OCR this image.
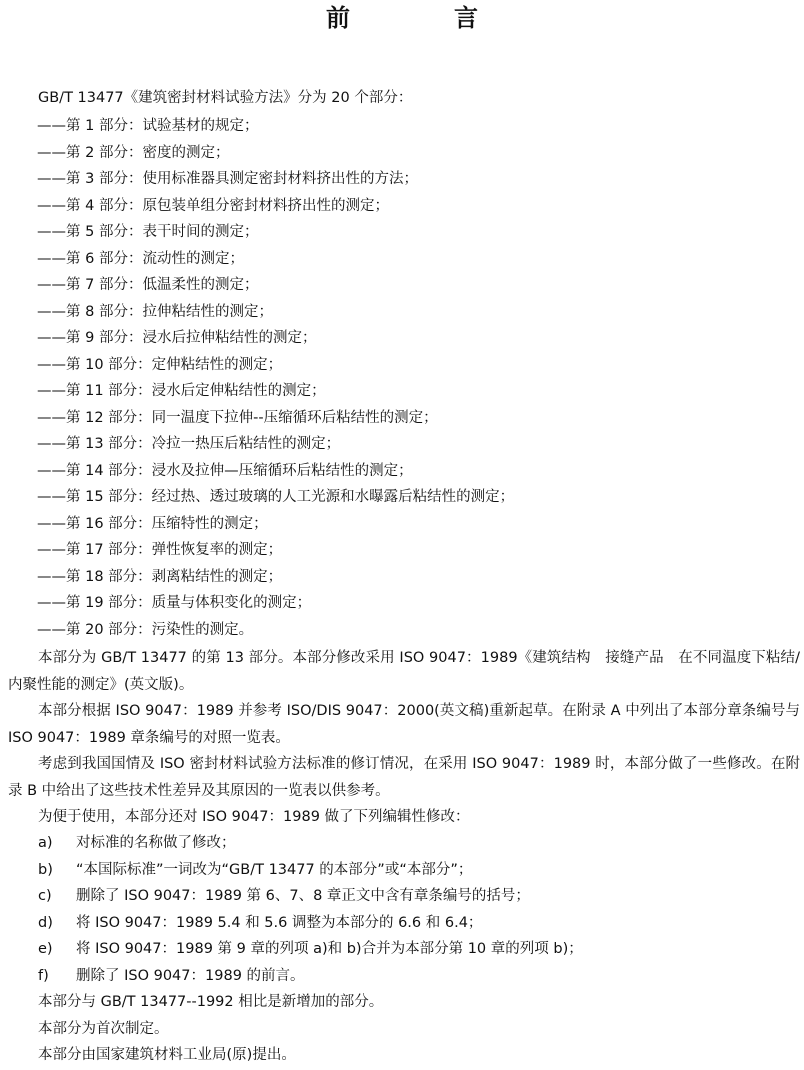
前　言
GB/T 13477《建筑密封材料试验方法》分为 20 个部分：
——第 1 部分：试验基材的规定；
——第 2 部分：密度的测定；
——第 3 部分：使用标准器具测定密封材料挤出性的方法；
——第 4 部分：原包装单组分密封材料挤出性的测定；
——第 5 部分：表干时间的测定；
——第 6 部分：流动性的测定；
——第 7 部分：低温柔性的测定；
——第 8 部分：拉伸粘结性的测定；
——第 9 部分：浸水后拉伸粘结性的测定；
——第 10 部分：定伸粘结性的测定；
——第 11 部分：浸水后定伸粘结性的测定；
——第 12 部分：同一温度下拉伸--压缩循环后粘结性的测定；
——第 13 部分：冷拉一热压后粘结性的测定；
——第 14 部分：浸水及拉伸—压缩循环后粘结性的测定；
——第 15 部分：经过热、透过玻璃的人工光源和水曝露后粘结性的测定；
——第 16 部分：压缩特性的测定；
——第 17 部分：弹性恢复率的测定；
——第 18 部分：剥离粘结性的测定；
——第 19 部分：质量与体积变化的测定；
——第 20 部分：污染性的测定。

本部分为 GB/T 13477 的第 13 部分。本部分修改采用 ISO 9047：1989《建筑结构　接缝产品　在不同温度下粘结/内聚性能的测定》(英文版)。

本部分根据 ISO 9047：1989 并参考 ISO/DIS 9047：2000(英文稿)重新起草。在附录 A 中列出了本部分章条编号与 ISO 9047：1989 章条编号的对照一览表。

考虑到我国国情及 ISO 密封材料试验方法标准的修订情况，在采用 ISO 9047：1989 时，本部分做了一些修改。在附录 B 中给出了这些技术性差异及其原因的一览表以供参考。

为便于使用，本部分还对 ISO 9047：1989 做了下列编辑性修改：

a) 对标准的名称做了修改；
b) “本国际标准”一词改为“GB/T 13477 的本部分”或“本部分”；
c) 删除了 ISO 9047：1989 第 6、7、8 章正文中含有章条编号的括号；
d) 将 ISO 9047：1989 5.4 和 5.6 调整为本部分的 6.6 和 6.4；
e) 将 ISO 9047：1989 第 9 章的列项 a)和 b)合并为本部分第 10 章的列项 b)；
f) 删除了 ISO 9047：1989 的前言。

本部分与 GB/T 13477--1992 相比是新增加的部分。

本部分为首次制定。

本部分由国家建筑材料工业局(原)提出。
